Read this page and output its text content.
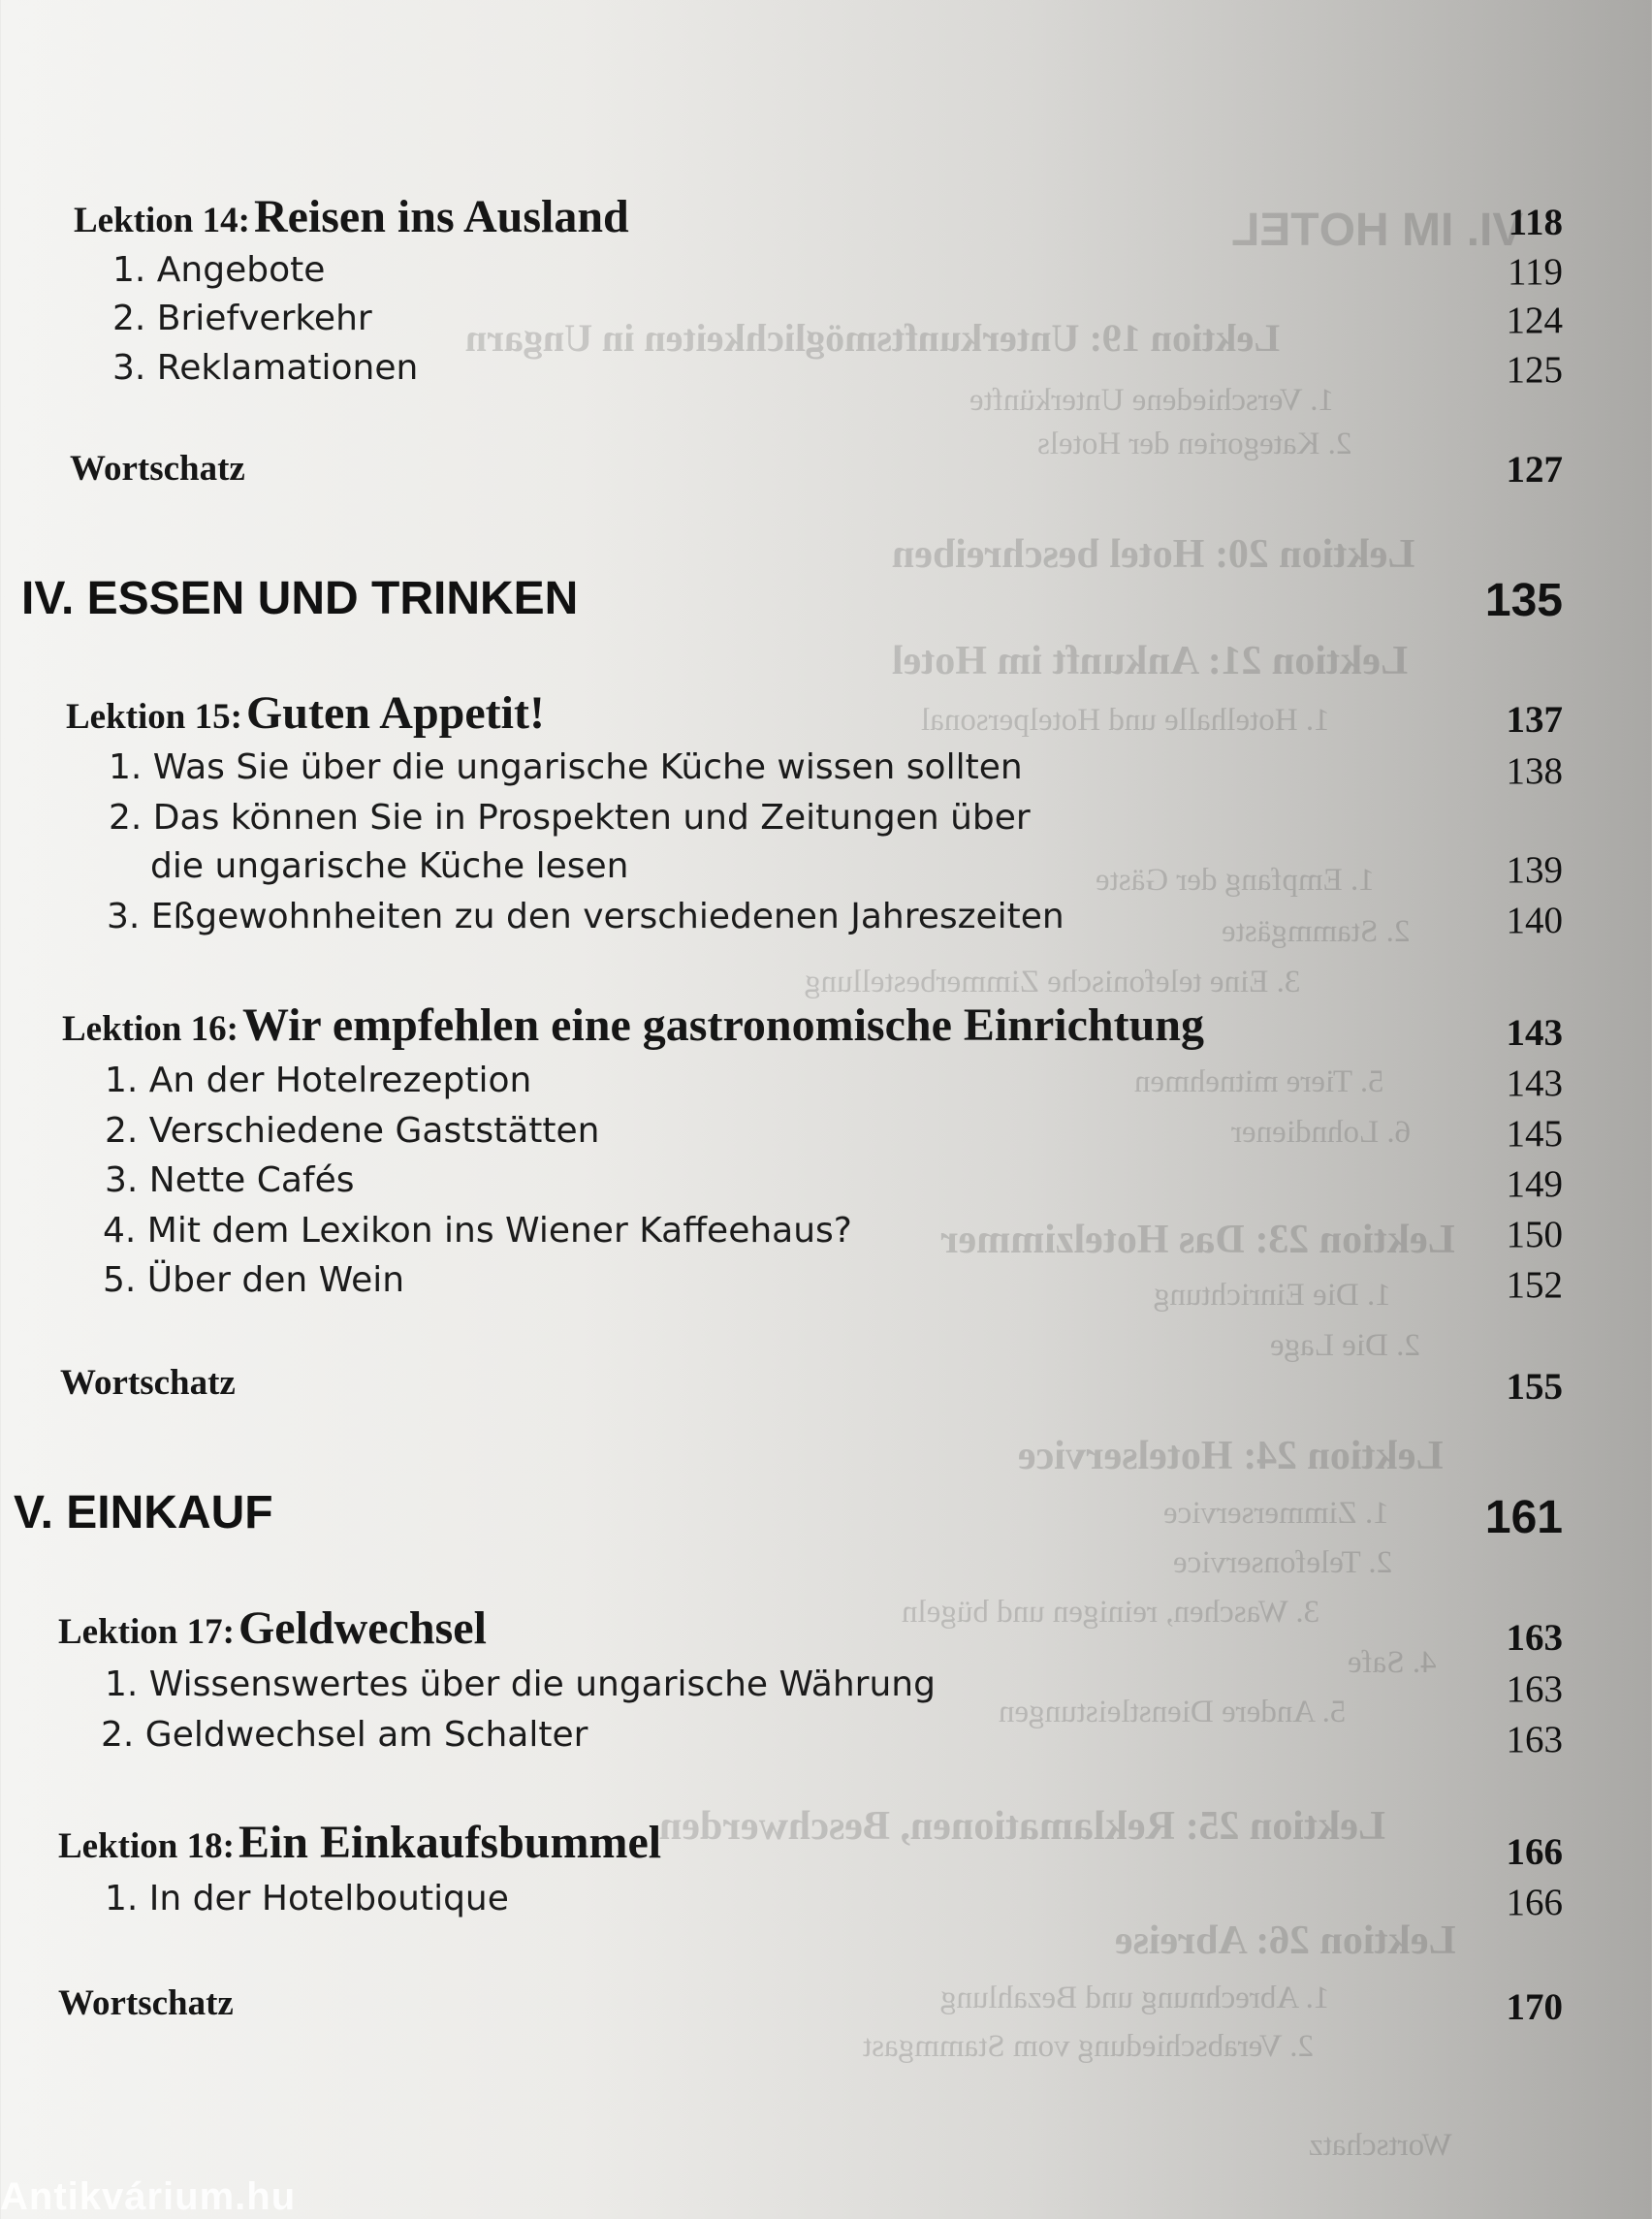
VI. IM HOTEL
Lektion 19: Unterkunftsmöglichkeiten in Ungarn
1. Verschiedene Unterkünfte
2. Kategorien der Hotels
Lektion 20: Hotel beschreiben
Lektion 21: Ankunft im Hotel
1. Hotelhalle und Hotelpersonal
1. Empfang der Gäste
2. Stammgäste
3. Eine telefonische Zimmerbestellung
5. Tiere mitnehmen
6. Lohndiener
Lektion 23: Das Hotelzimmer
1. Die Einrichtung
2. Die Lage
Lektion 24: Hotelservice
1. Zimmerservice
2. Telefonservice
3. Waschen, reinigen und bügeln
4. Safe
5. Andere Dienstleistungen
Lektion 25: Reklamationen, Beschwerden
Lektion 26: Abreise
1. Abrechnung und Bezahlung
2. Verabschiedung vom Stammgast
Wortschatz
Lektion 14: Reisen ins Ausland	118
1. Angebote	119
2. Briefverkehr	124
3. Reklamationen	125
Wortschatz	127
IV. ESSEN UND TRINKEN	135
Lektion 15: Guten Appetit!	137
1. Was Sie über die ungarische Küche wissen sollten	138
2. Das können Sie in Prospekten und Zeitungen über
die ungarische Küche lesen	139
3. Eßgewohnheiten zu den verschiedenen Jahreszeiten	140
Lektion 16: Wir empfehlen eine gastronomische Einrichtung	143
1. An der Hotelrezeption	143
2. Verschiedene Gaststätten	145
3. Nette Cafés	149
4. Mit dem Lexikon ins Wiener Kaffeehaus?	150
5. Über den Wein	152
Wortschatz	155
V. EINKAUF	161
Lektion 17: Geldwechsel	163
1. Wissenswertes über die ungarische Währung	163
2. Geldwechsel am Schalter	163
Lektion 18: Ein Einkaufsbummel	166
1. In der Hotelboutique	166
Wortschatz	170
Antikvárium.hu
